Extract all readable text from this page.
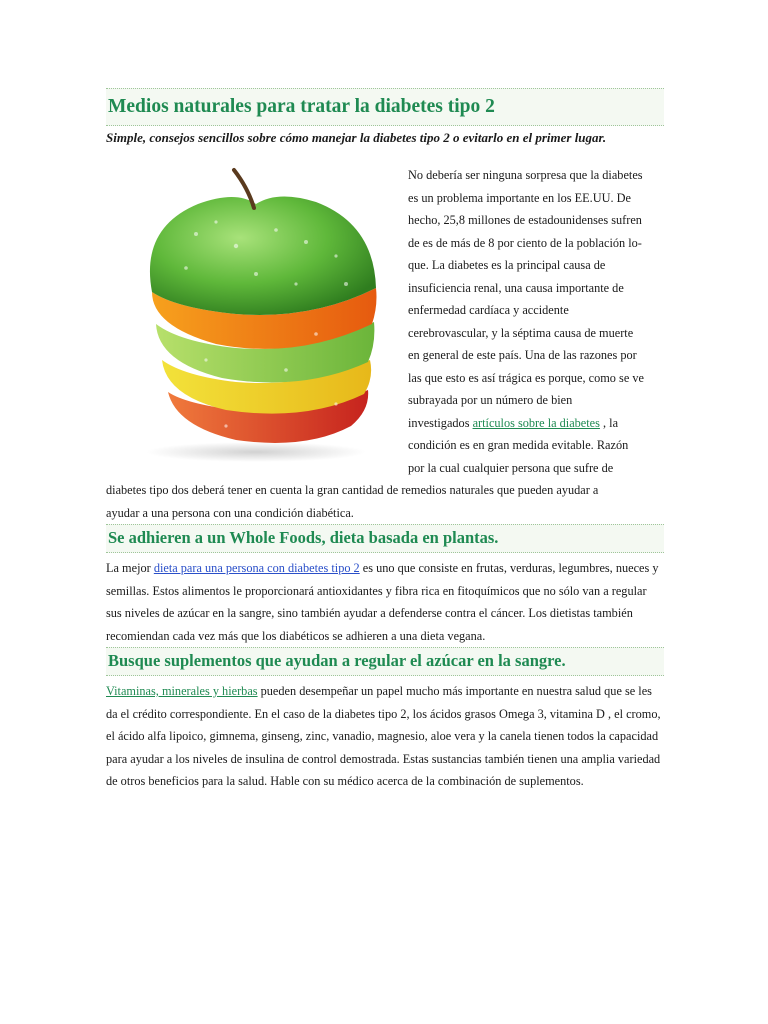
Medios naturales para tratar la diabetes tipo 2

Simple, consejos sencillos sobre cómo manejar la diabetes tipo 2 o evitarlo en el primer lugar.

No debería ser ninguna sorpresa que la diabetes

es un problema importante en los EE.UU. De

hecho, 25,8 millones de estadounidenses sufren

de es de más de 8 por ciento de la población lo-

que. La diabetes es la principal causa de

insuficiencia renal, una causa importante de

enfermedad cardíaca y accidente

cerebrovascular, y la séptima causa de muerte

en general de este país. Una de las razones por

las que esto es así trágica es porque, como se ve

subrayada por un número de bien

investigados artículos sobre la diabetes , la

condición es en gran medida evitable. Razón

por la cual cualquier persona que sufre de

diabetes tipo dos deberá tener en cuenta la gran cantidad de remedios naturales que pueden ayudar a

ayudar a una persona con una condición diabética.

Se adhieren a un Whole Foods, dieta basada en plantas.

La mejor dieta para una persona con diabetes tipo 2 es uno que consiste en frutas, verduras, legumbres, nueces y semillas. Estos alimentos le proporcionará antioxidantes y fibra rica en fitoquímicos que no sólo van a regular sus niveles de azúcar en la sangre, sino también ayudar a defenderse contra el cáncer. Los dietistas también recomiendan cada vez más que los diabéticos se adhieren a una dieta vegana.

Busque suplementos que ayudan a regular el azúcar en la sangre.

Vitaminas, minerales y hierbas pueden desempeñar un papel mucho más importante en nuestra salud que se les da el crédito correspondiente. En el caso de la diabetes tipo 2, los ácidos grasos Omega 3, vitamina D , el cromo, el ácido alfa lipoico, gimnema, ginseng, zinc, vanadio, magnesio, aloe vera y la canela tienen todos la capacidad para ayudar a los niveles de insulina de control demostrada. Estas sustancias también tienen una amplia variedad de otros beneficios para la salud. Hable con su médico acerca de la combinación de suplementos.
